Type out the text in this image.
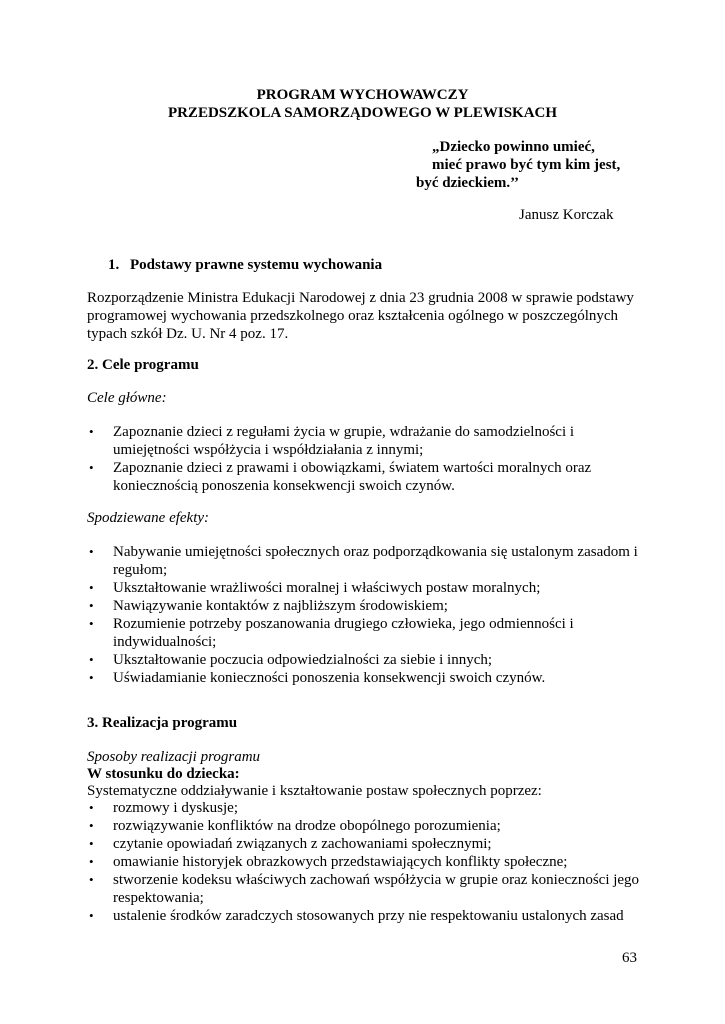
PROGRAM WYCHOWAWCZY
PRZEDSZKOLA SAMORZĄDOWEGO W PLEWISKACH
„Dziecko powinno umieć,
mieć prawo być tym kim jest,
być dzieckiem.’’
Janusz Korczak
1. Podstawy prawne systemu wychowania
Rozporządzenie Ministra Edukacji Narodowej z dnia 23 grudnia 2008 w sprawie podstawy
programowej wychowania przedszkolnego oraz kształcenia ogólnego w poszczególnych
typach szkół Dz. U. Nr 4 poz. 17.
2. Cele programu
Cele główne:
• Zapoznanie dzieci z regułami życia w grupie, wdrażanie do samodzielności i
umiejętności współżycia i współdziałania z innymi;
• Zapoznanie dzieci z prawami i obowiązkami, światem wartości moralnych oraz
koniecznością ponoszenia konsekwencji swoich czynów.
Spodziewane efekty:
• Nabywanie umiejętności społecznych oraz podporządkowania się ustalonym zasadom i
regułom;
• Ukształtowanie wrażliwości moralnej i właściwych postaw moralnych;
• Nawiązywanie kontaktów z najbliższym środowiskiem;
• Rozumienie potrzeby poszanowania drugiego człowieka, jego odmienności i
indywidualności;
• Ukształtowanie poczucia odpowiedzialności za siebie i innych;
• Uświadamianie konieczności ponoszenia konsekwencji swoich czynów.
3. Realizacja programu
Sposoby realizacji programu
W stosunku do dziecka:
Systematyczne oddziaływanie i kształtowanie postaw społecznych poprzez:
• rozmowy i dyskusje;
• rozwiązywanie konfliktów na drodze obopólnego porozumienia;
• czytanie opowiadań związanych z zachowaniami społecznymi;
• omawianie historyjek obrazkowych przedstawiających konflikty społeczne;
• stworzenie kodeksu właściwych zachowań współżycia w grupie oraz konieczności jego
respektowania;
• ustalenie środków zaradczych stosowanych przy nie respektowaniu ustalonych zasad
63
